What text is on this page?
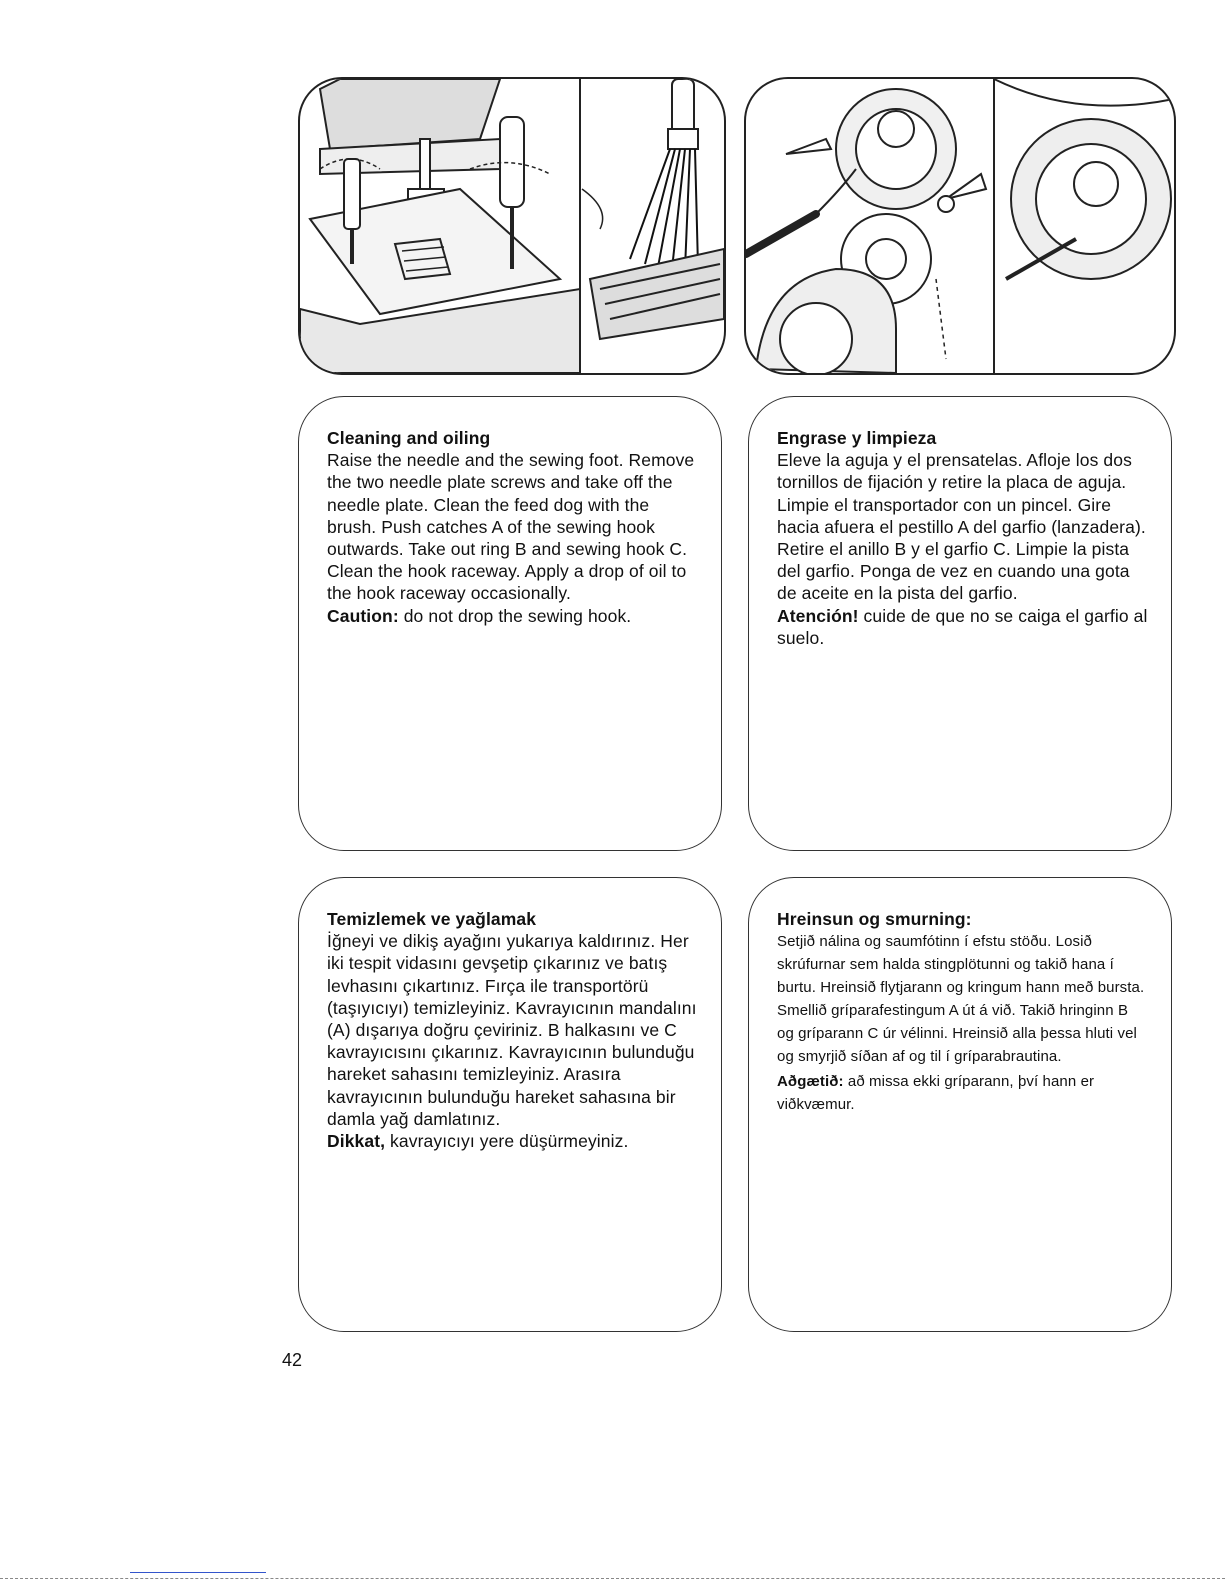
Cleaning and oiling

Raise the needle and the sewing foot. Remove the two needle plate screws and take off the needle plate. Clean the feed dog with the brush. Push catches A of the sewing hook outwards. Take out ring B and sewing hook C. Clean the hook raceway. Apply a drop of oil to the hook raceway occasionally.
Caution: do not drop the sewing hook.

Engrase y limpieza

Eleve la aguja y el prensatelas. Afloje los dos tornillos de fijación y retire la placa de aguja. Limpie el transportador con un pincel. Gire hacia afuera el pestillo A del garfio (lanzadera). Retire el anillo B y el garfio C. Limpie la pista del garfio. Ponga de vez en cuando una gota de aceite en la pista del garfio.
Atención! cuide de que no se caiga el garfio al suelo.

Temizlemek ve yağlamak

İğneyi ve dikiş ayağını yukarıya kaldırınız. Her iki tespit vidasını gevşetip çıkarınız ve batış levhasını çıkartınız. Fırça ile transportörü (taşıyıcıyı) temizleyiniz. Kavrayıcının mandalını (A) dışarıya doğru çeviriniz. B halkasını ve C kavrayıcısını çıkarınız. Kavrayıcının bulunduğu hareket sahasını temizleyiniz. Arasıra kavrayıcının bulunduğu hareket sahasına bir damla yağ damlatınız.
Dikkat, kavrayıcıyı yere düşürmeyiniz.

Hreinsun og smurning:

Setjið nálina og saumfótinn í efstu stöðu. Losið skrúfurnar sem halda stingplötunni og takið hana í burtu. Hreinsið flytjarann og kringum hann með bursta. Smellið gríparafestingum A út á við. Takið hringinn B og gríparann C úr vélinni. Hreinsið alla þessa hluti vel og smyrjið síðan af og til í gríparabrautina.

Aðgætið: að missa ekki gríparann, því hann er viðkvæmur.

42
